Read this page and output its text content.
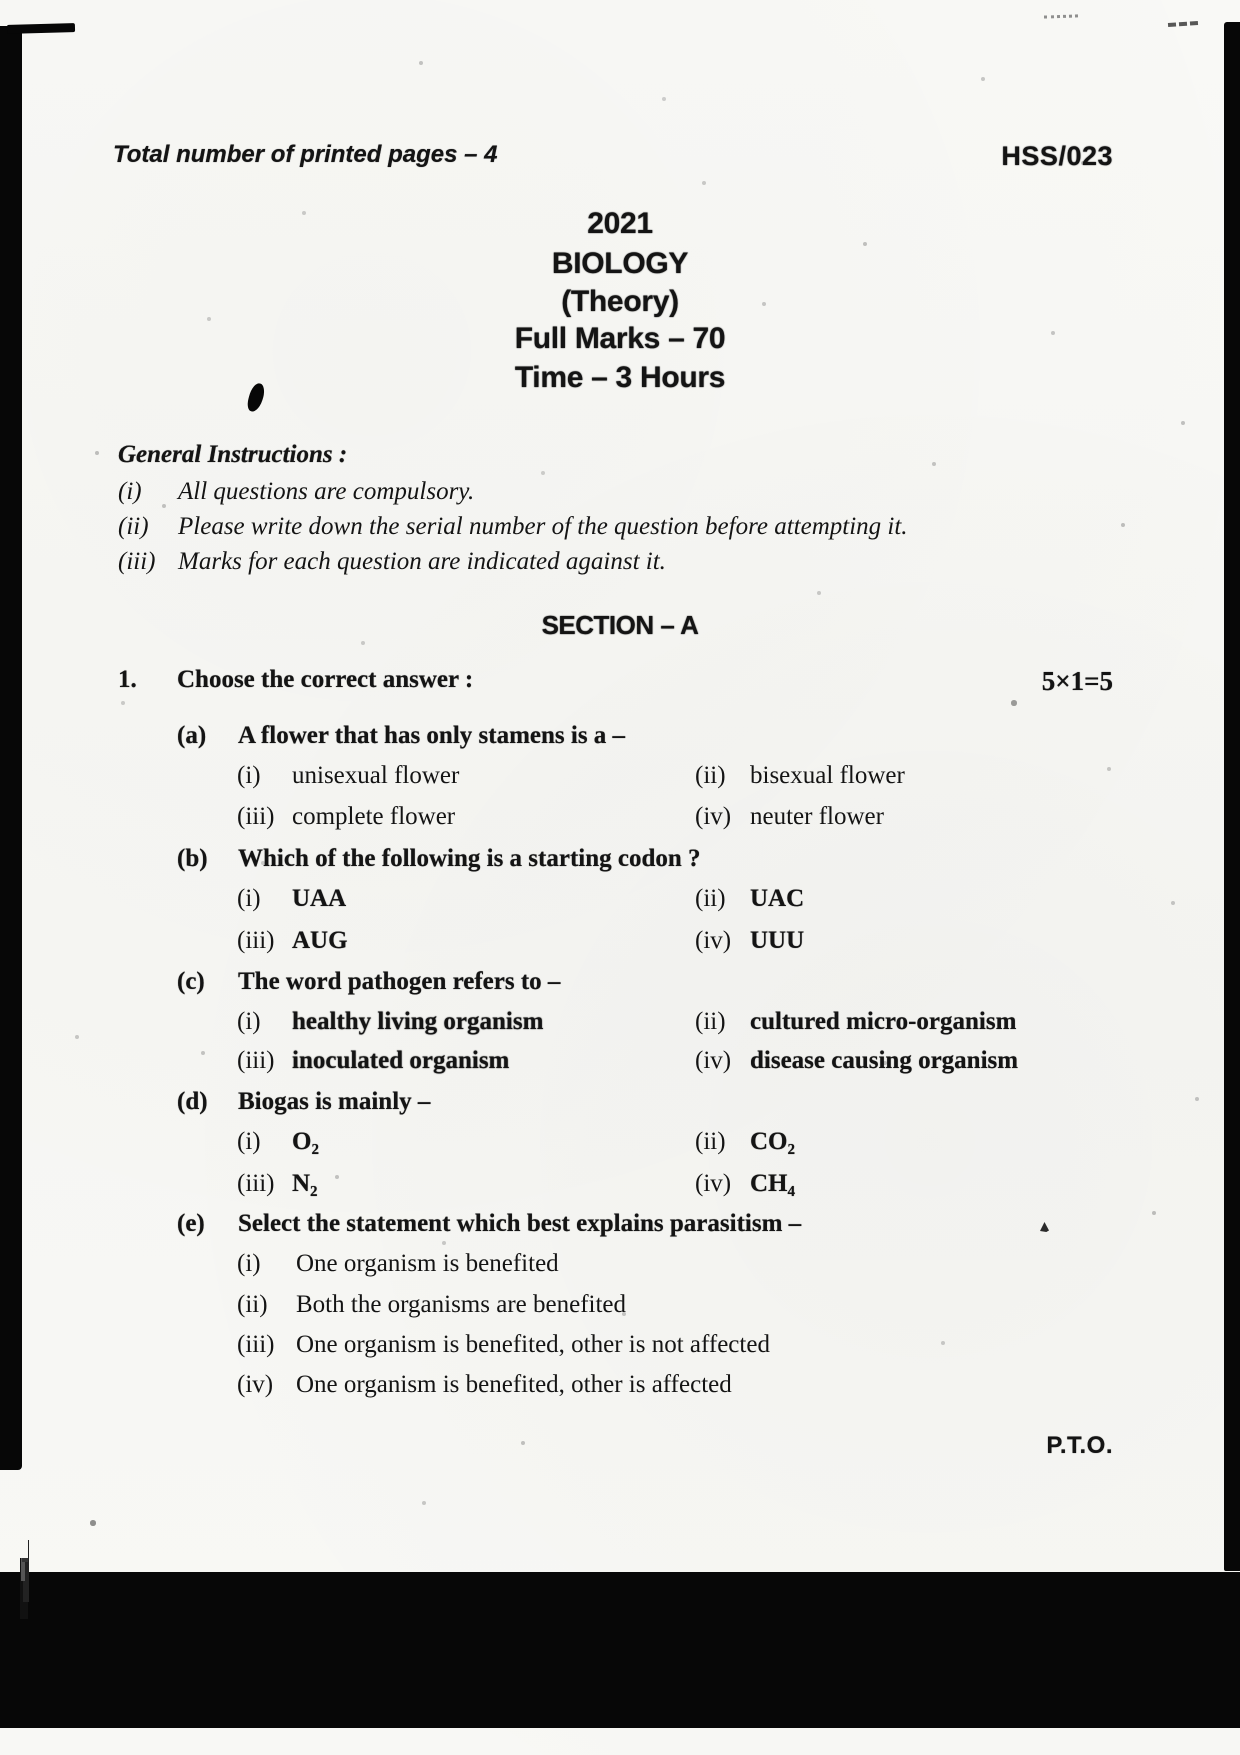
Total number of printed pages – 4	HSS/023
2021
BIOLOGY
(Theory)
Full Marks – 70
Time – 3 Hours
General Instructions :
(i) All questions are compulsory.
(ii) Please write down the serial number of the question before attempting it.
(iii) Marks for each question are indicated against it.
SECTION – A
1. Choose the correct answer :	5×1=5
(a) A flower that has only stamens is a –
(i) unisexual flower	(ii) bisexual flower
(iii) complete flower	(iv) neuter flower
(b) Which of the following is a starting codon ?
(i) UAA	(ii) UAC
(iii) AUG	(iv) UUU
(c) The word pathogen refers to –
(i) healthy living organism	(ii) cultured micro-organism
(iii) inoculated organism	(iv) disease causing organism
(d) Biogas is mainly –
(i) O₂	(ii) CO₂
(iii) N₂	(iv) CH₄
(e) Select the statement which best explains parasitism –
(i) One organism is benefited
(ii) Both the organisms are benefited
(iii) One organism is benefited, other is not affected
(iv) One organism is benefited, other is affected
P.T.O.
